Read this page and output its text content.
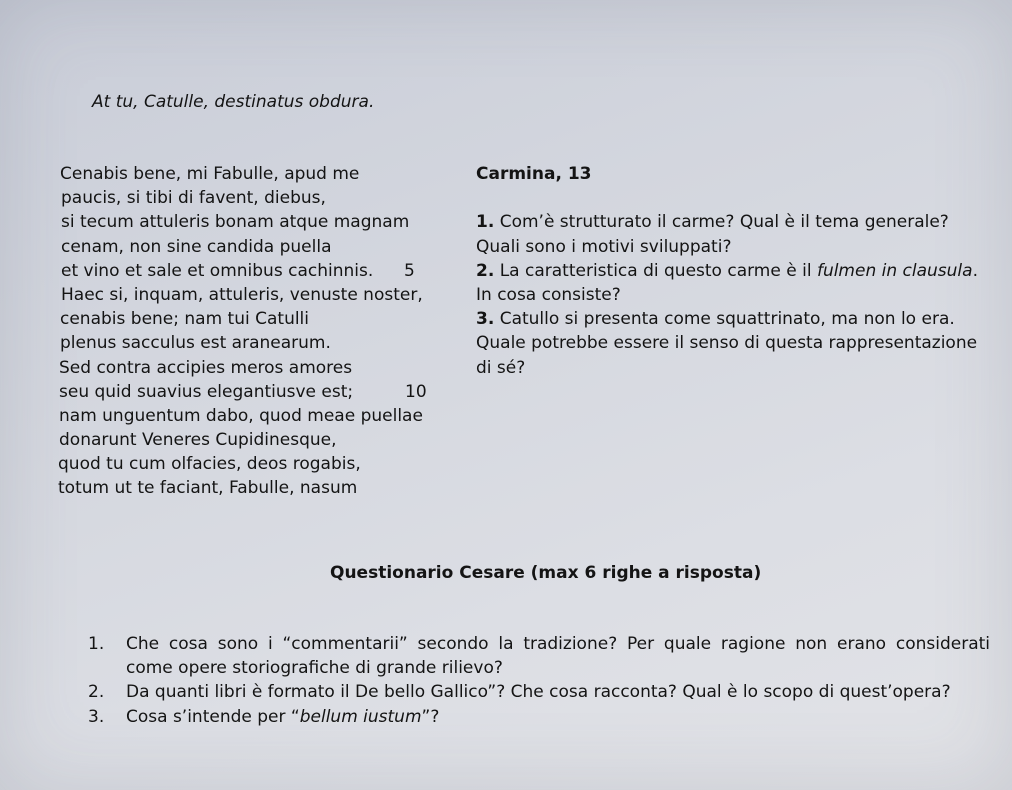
At tu, Catulle, destinatus obdura.

Cenabis bene, mi Fabulle, apud me
paucis, si tibi di favent, diebus,
si tecum attuleris bonam atque magnam
cenam, non sine candida puella
et vino et sale et omnibus cachinnis. 5
Haec si, inquam, attuleris, venuste noster,
cenabis bene; nam tui Catulli
plenus sacculus est aranearum.
Sed contra accipies meros amores
seu quid suavius elegantiusve est;	10
nam unguentum dabo, quod meae puellae
donarunt Veneres Cupidinesque,
quod tu cum olfacies, deos rogabis,
totum ut te faciant, Fabulle, nasum

Carmina, 13

1. Com’è strutturato il carme? Qual è il tema generale?
Quali sono i motivi sviluppati?
2. La caratteristica di questo carme è il fulmen in clausula.
In cosa consiste?
3. Catullo si presenta come squattrinato, ma non lo era.
Quale potrebbe essere il senso di questa rappresentazione
di sé?

Questionario Cesare (max 6 righe a risposta)

1.	Che cosa sono i “commentarii” secondo la tradizione? Per quale ragione non erano considerati
come opere storiografiche di grande rilievo?
2.	Da quanti libri è formato il De bello Gallico”? Che cosa racconta? Qual è lo scopo di quest’opera?
3.	Cosa s’intende per “bellum iustum”?
